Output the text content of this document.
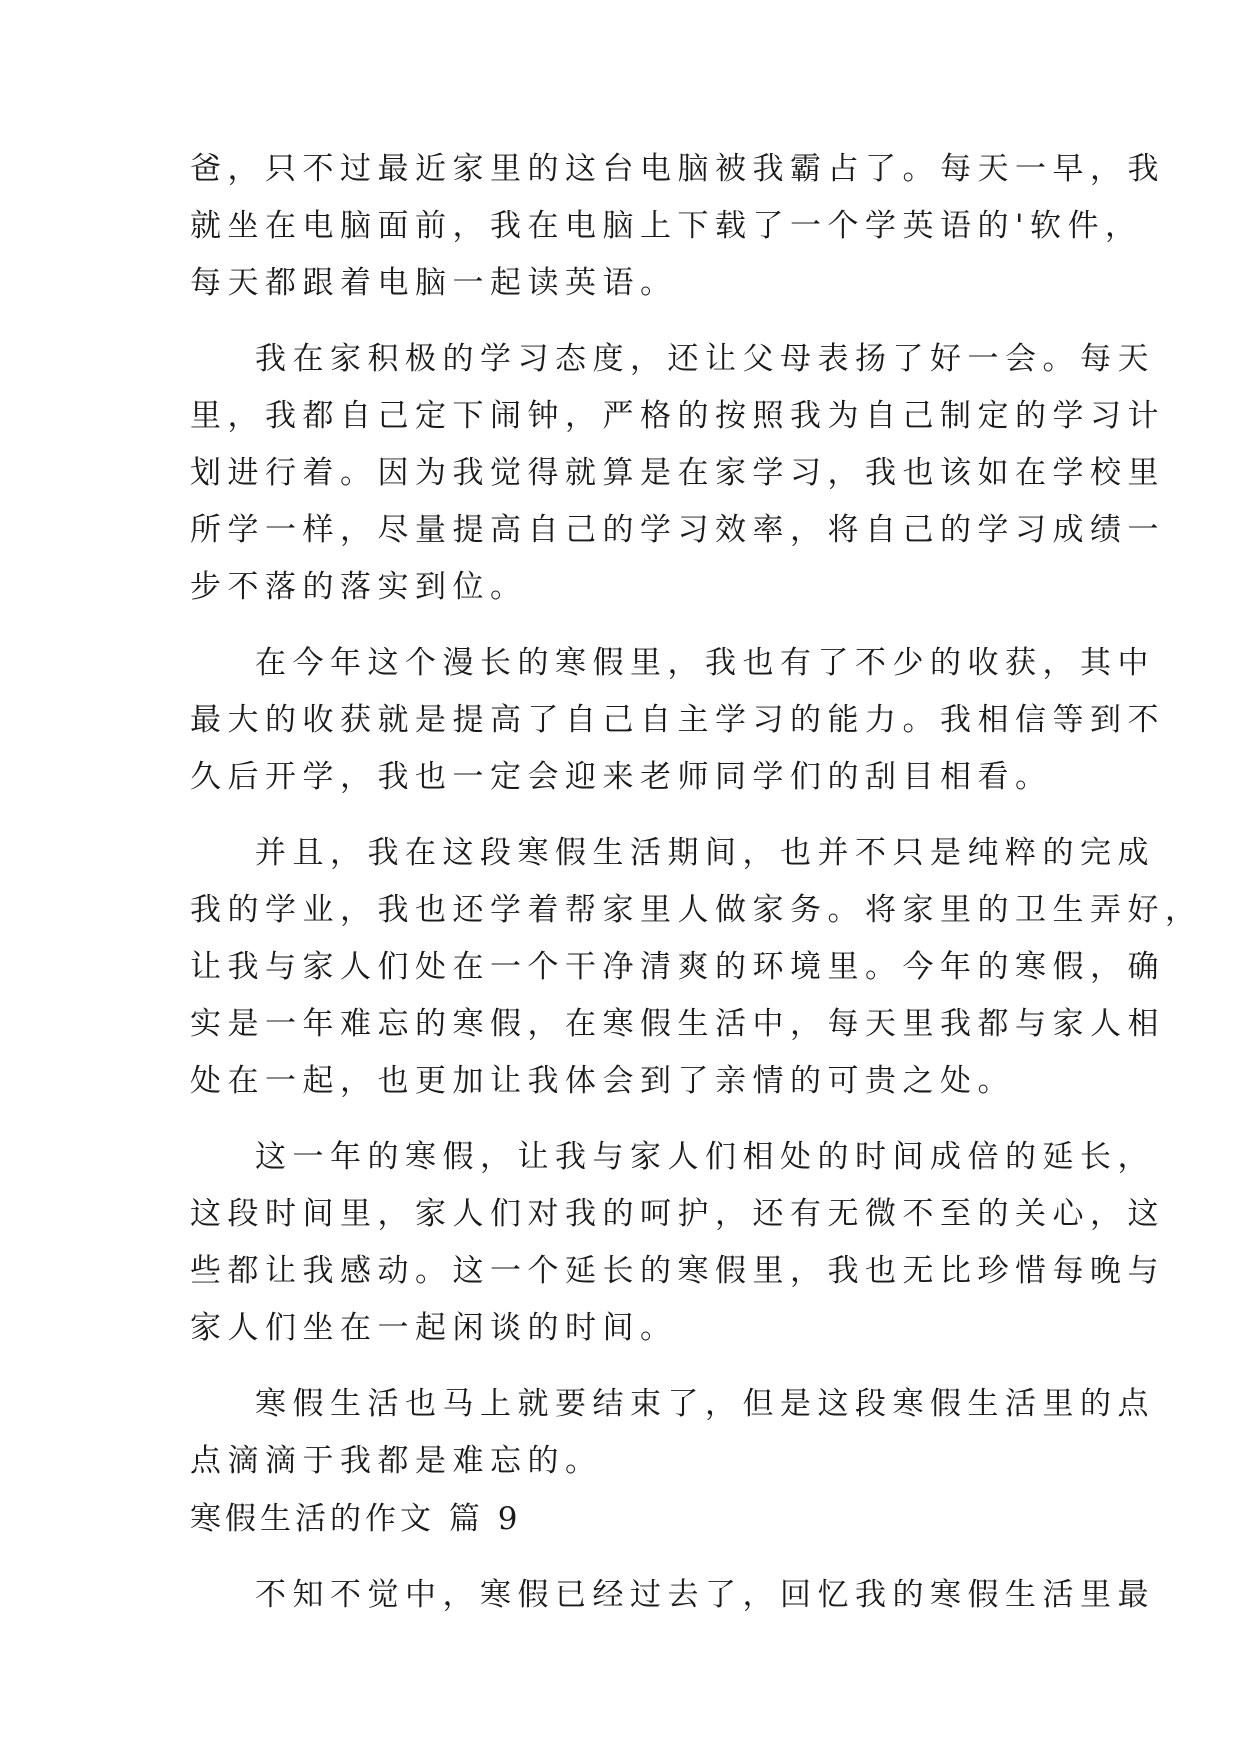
爸，只不过最近家里的这台电脑被我霸占了。每天一早，我
就坐在电脑面前，我在电脑上下载了一个学英语的'软件，
每天都跟着电脑一起读英语。
我在家积极的学习态度，还让父母表扬了好一会。每天
里，我都自己定下闹钟，严格的按照我为自己制定的学习计
划进行着。因为我觉得就算是在家学习，我也该如在学校里
所学一样，尽量提高自己的学习效率，将自己的学习成绩一
步不落的落实到位。
在今年这个漫长的寒假里，我也有了不少的收获，其中
最大的收获就是提高了自己自主学习的能力。我相信等到不
久后开学，我也一定会迎来老师同学们的刮目相看。
并且，我在这段寒假生活期间，也并不只是纯粹的完成
我的学业，我也还学着帮家里人做家务。将家里的卫生弄好，
让我与家人们处在一个干净清爽的环境里。今年的寒假，确
实是一年难忘的寒假，在寒假生活中，每天里我都与家人相
处在一起，也更加让我体会到了亲情的可贵之处。
这一年的寒假，让我与家人们相处的时间成倍的延长，
这段时间里，家人们对我的呵护，还有无微不至的关心，这
些都让我感动。这一个延长的寒假里，我也无比珍惜每晚与
家人们坐在一起闲谈的时间。
寒假生活也马上就要结束了，但是这段寒假生活里的点
点滴滴于我都是难忘的。
寒假生活的作文 篇 9
不知不觉中，寒假已经过去了，回忆我的寒假生活里最
